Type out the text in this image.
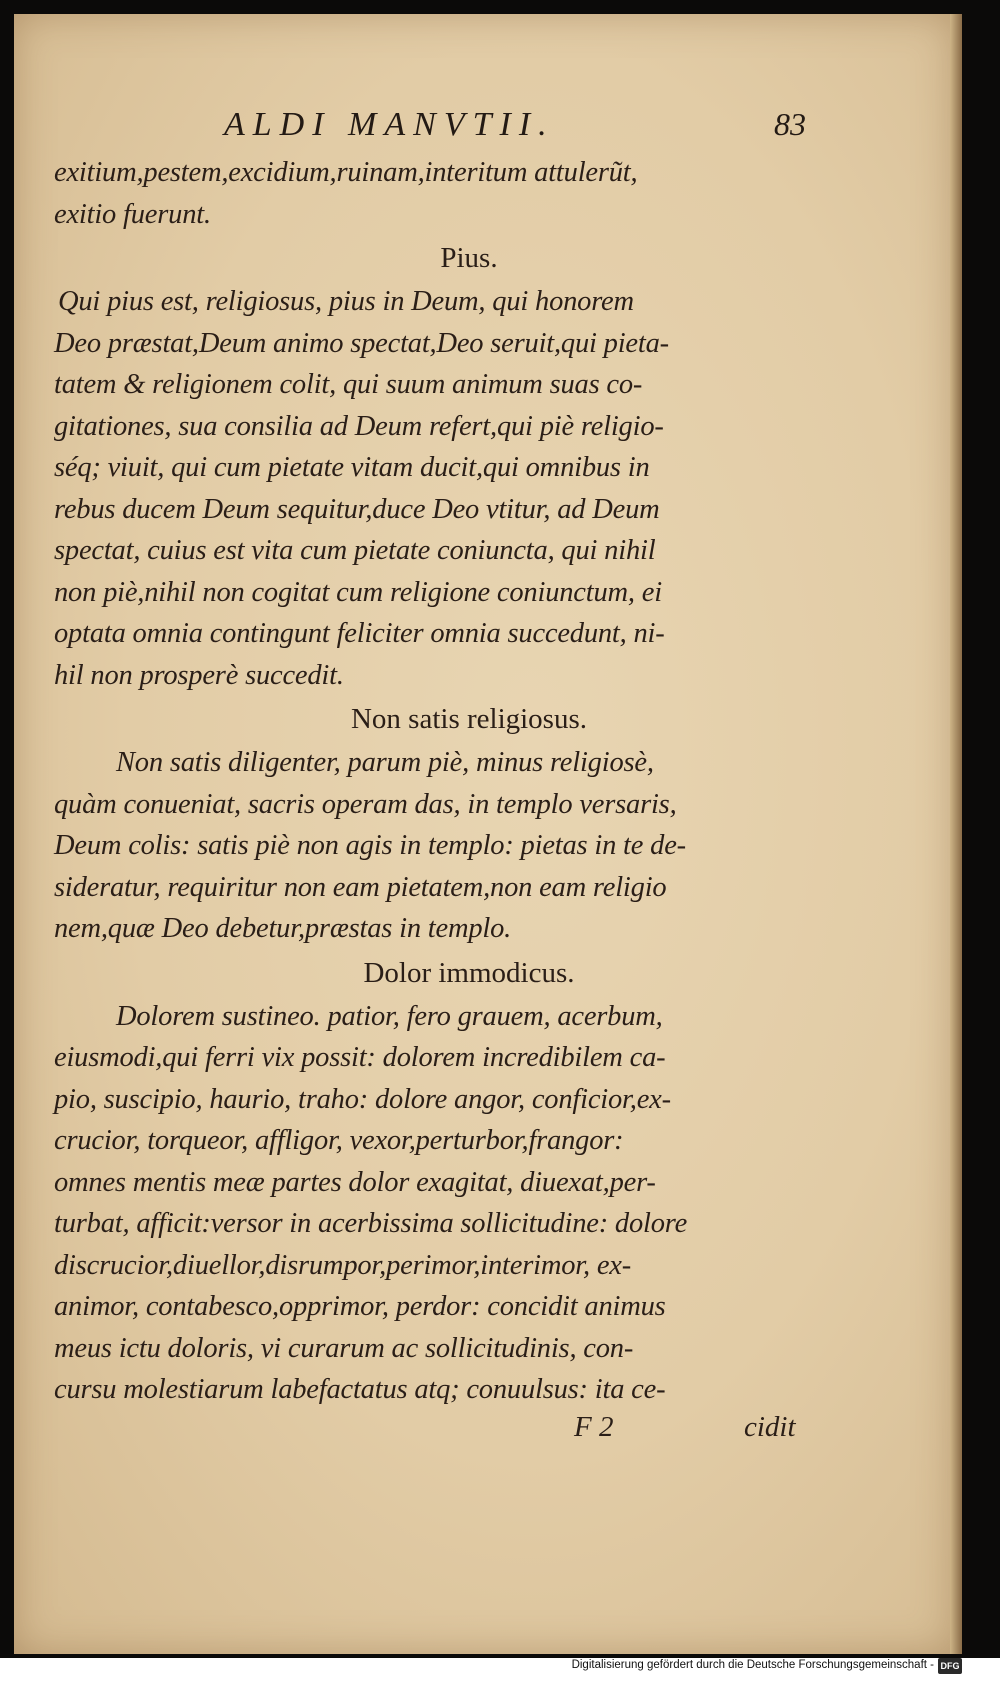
ALDI MANVTII.	83
exitium,pestem,excidium,ruinam,interitum attulerũt,
exitio fuerunt.
Pius.
Qui pius est, religiosus, pius in Deum, qui honorem
Deo præstat,Deum animo spectat,Deo seruit,qui pieta-
tatem & religionem colit, qui suum animum suas co-
gitationes, sua consilia ad Deum refert,qui piè religio-
séq; viuit, qui cum pietate vitam ducit,qui omnibus in
rebus ducem Deum sequitur,duce Deo vtitur, ad Deum
spectat, cuius est vita cum pietate coniuncta, qui nihil
non piè,nihil non cogitat cum religione coniunctum, ei
optata omnia contingunt feliciter omnia succedunt, ni-
hil non prosperè succedit.
Non satis religiosus.
Non satis diligenter, parum piè, minus religiosè,
quàm conueniat, sacris operam das, in templo versaris,
Deum colis: satis piè non agis in templo: pietas in te de-
sideratur, requiritur non eam pietatem,non eam religio
nem,quæ Deo debetur,præstas in templo.
Dolor immodicus.
Dolorem sustineo. patior, fero grauem, acerbum,
eiusmodi,qui ferri vix possit: dolorem incredibilem ca-
pio, suscipio, haurio, traho: dolore angor, conficior,ex-
crucior, torqueor, affligor, vexor,perturbor,frangor:
omnes mentis meæ partes dolor exagitat, diuexat,per-
turbat, afficit:versor in acerbissima sollicitudine: dolore
discrucior,diuellor,disrumpor,perimor,interimor, ex-
animor, contabesco,opprimor, perdor: concidit animus
meus ictu doloris, vi curarum ac sollicitudinis, con-
cursu molestiarum labefactatus atq; conuulsus: ita ce-
F 2	cidit
Digitalisierung gefördert durch die Deutsche Forschungsgemeinschaft - DFG
